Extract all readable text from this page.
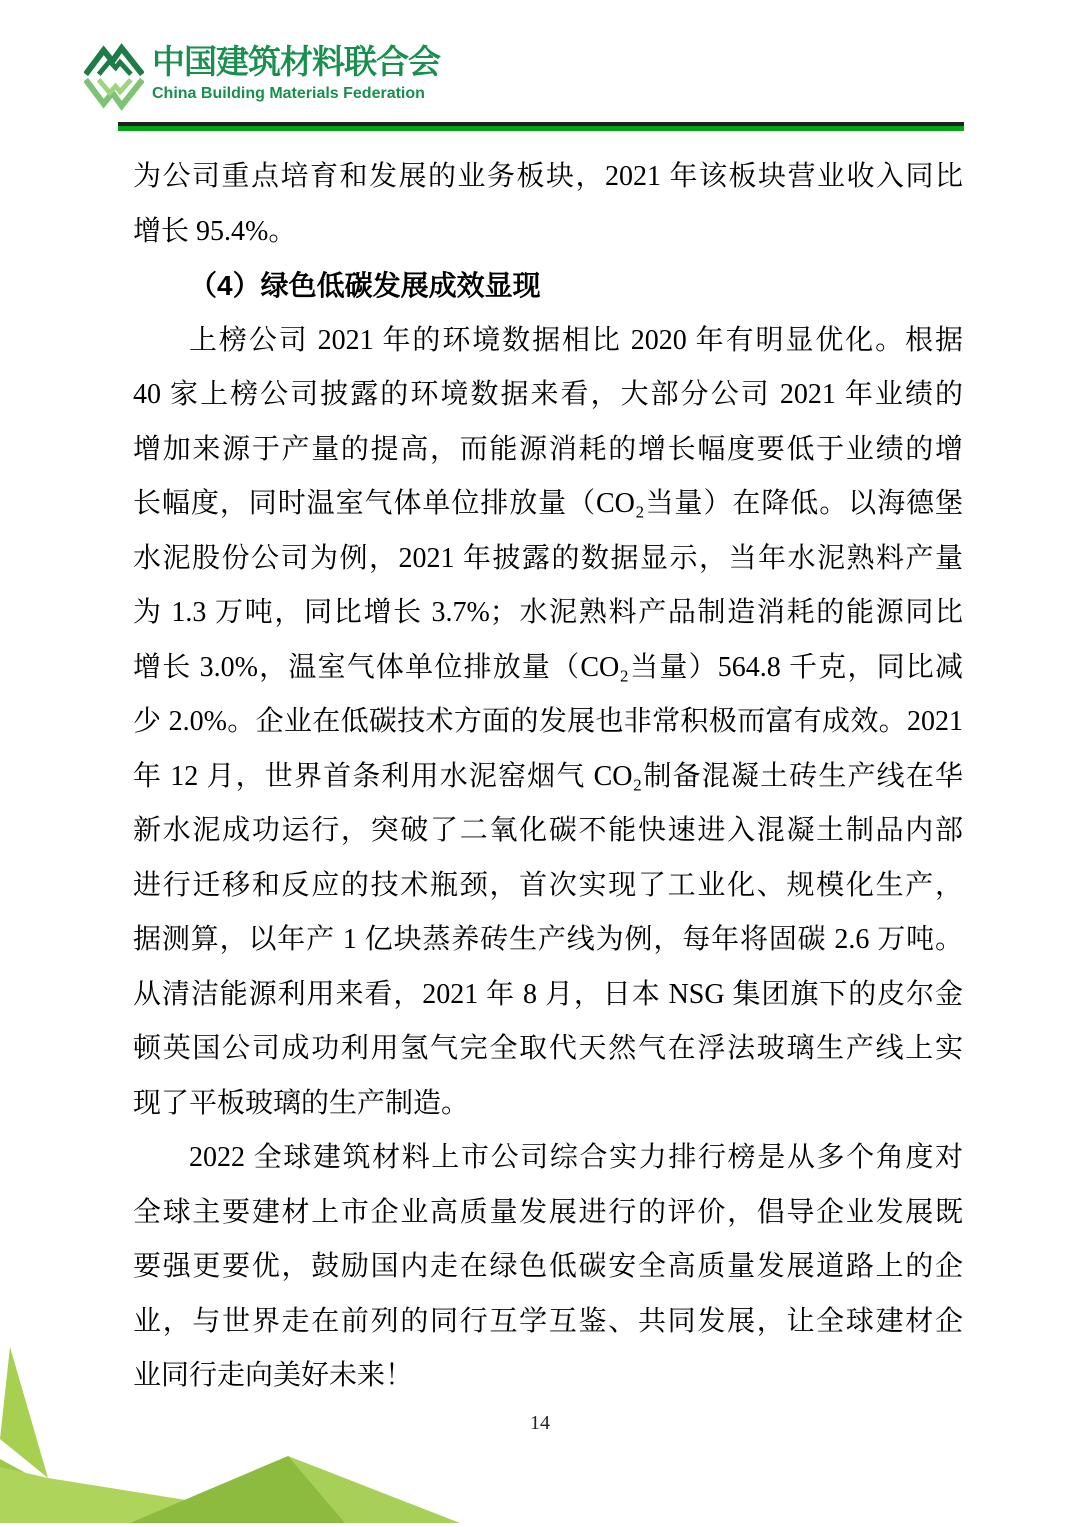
中国建筑材料联合会
China Building Materials Federation
为公司重点培育和发展的业务板块，2021 年该板块营业收入同比
增长 95.4%。
（4）绿色低碳发展成效显现
上榜公司 2021 年的环境数据相比 2020 年有明显优化。根据
40 家上榜公司披露的环境数据来看，大部分公司 2021 年业绩的
增加来源于产量的提高，而能源消耗的增长幅度要低于业绩的增
长幅度，同时温室气体单位排放量（CO₂当量）在降低。以海德堡
水泥股份公司为例，2021 年披露的数据显示，当年水泥熟料产量
为 1.3 万吨，同比增长 3.7%；水泥熟料产品制造消耗的能源同比
增长 3.0%，温室气体单位排放量（CO₂当量）564.8 千克，同比减
少 2.0%。企业在低碳技术方面的发展也非常积极而富有成效。2021
年 12 月，世界首条利用水泥窑烟气 CO₂制备混凝土砖生产线在华
新水泥成功运行，突破了二氧化碳不能快速进入混凝土制品内部
进行迁移和反应的技术瓶颈，首次实现了工业化、规模化生产，
据测算，以年产 1 亿块蒸养砖生产线为例，每年将固碳 2.6 万吨。
从清洁能源利用来看，2021 年 8 月，日本 NSG 集团旗下的皮尔金
顿英国公司成功利用氢气完全取代天然气在浮法玻璃生产线上实
现了平板玻璃的生产制造。
2022 全球建筑材料上市公司综合实力排行榜是从多个角度对
全球主要建材上市企业高质量发展进行的评价，倡导企业发展既
要强更要优，鼓励国内走在绿色低碳安全高质量发展道路上的企
业，与世界走在前列的同行互学互鉴、共同发展，让全球建材企
业同行走向美好未来！
14
